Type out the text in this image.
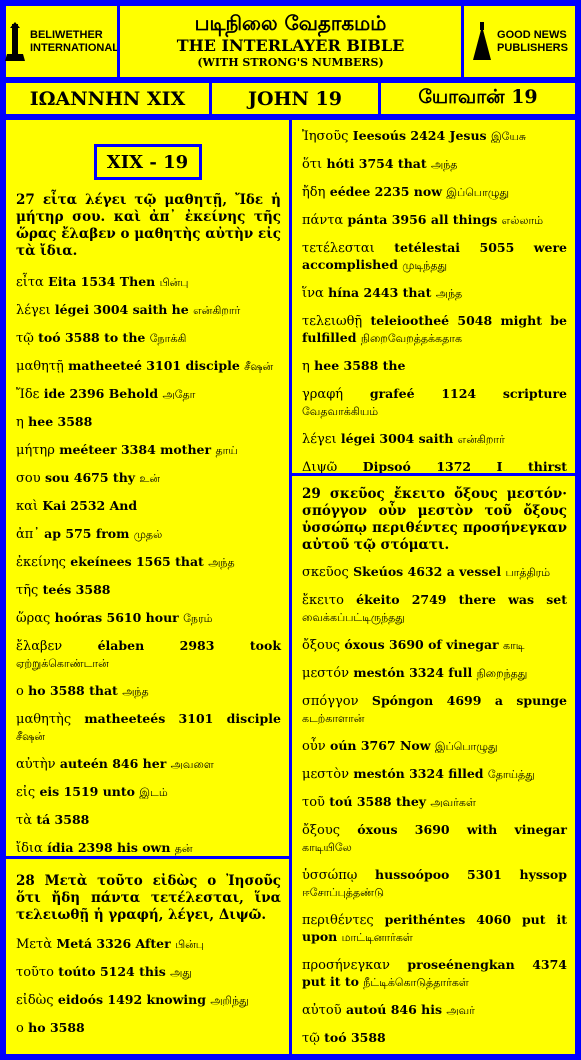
BELIWETHER
INTERNATIONAL
படிநிலை வேதாகமம்
THE INTERLAYER BIBLE
(WITH STRONG'S NUMBERS)
GOOD NEWS
PUBLISHERS
ΙΩΑΝΝΗΝ XIX	JOHN 19	யோவான் 19
XIX - 19
27 εἶτα λέγει τῷ μαθητῇ, Ἴδε ἡ μήτηρ σου. καὶ ἀπ᾽ ἐκείνης τῆς ὥρας ἔλαβεν ο μαθητὴς αὐτὴν εἰς τὰ ἴδια.
εἶτα Eita 1534 Then பின்பு
λέγει légei 3004 saith he என்கிறார்
τῷ toó 3588 to the நோக்கி
μαθητῇ matheeteé 3101 disciple சீஷன்
Ἴδε ide 2396 Behold அதோ
η hee 3588
μήτηρ meéteer 3384 mother தாய்
σου sou 4675 thy உன்
καὶ Kai 2532 And
ἀπ᾽ ap 575 from முதல்
ἐκείνης ekeínees 1565 that அந்த
τῆς teés 3588
ὥρας hoóras 5610 hour நேரம்
ἔλαβεν élaben 2983 took ஏற்றுக்கொண்டான்
ο ho 3588 that அந்த
μαθητὴς matheeteés 3101 disciple சீஷன்
αὐτὴν auteén 846 her அவளை
εἰς eis 1519 unto இடம்
τὰ tá 3588
ἴδια ídia 2398 his own தன்
28 Μετὰ τοῦτο εἰδὼς ο Ἰησοῦς ὅτι ἤδη πάντα τετέλεσται, ἵνα τελειωθῇ ἡ γραφή, λέγει, Διψῶ.
Μετὰ Metá 3326 After பின்பு
τοῦτο toúto 5124 this அது
εἰδὼς eidoós 1492 knowing அறிந்து
ο ho 3588
Ἰησοῦς Ieesoús 2424 Jesus இயேசு
ὅτι hóti 3754 that அந்த
ἤδη eédee 2235 now இப்பொழுது
πάντα pánta 3956 all things எல்லாம்
τετέλεσται tetélestai 5055 were accomplished முடிந்தது
ἵνα hína 2443 that அந்த
τελειωθῇ teleiootheé 5048 might be fulfilled நிறைவேறத்தக்கதாக
η hee 3588 the
γραφή grafeé 1124 scripture வேதவாக்கியம்
λέγει légei 3004 saith என்கிறார்
Διψῶ Dipsoó 1372 I thirst
29 σκεῦος ἔκειτο ὄξους μεστόν· σπόγγον οὖν μεστὸν τοῦ ὄξους ὑσσώπῳ περιθέντες προσήνεγκαν αὐτοῦ τῷ στόματι.
σκεῦος Skeúos 4632 a vessel பாத்திரம்
ἔκειτο ékeito 2749 there was set வைக்கப்பட்டிருந்தது
ὄξους óxous 3690 of vinegar காடி
μεστόν mestón 3324 full நிறைந்தது
σπόγγον Spóngon 4699 a spunge கடற்காளான்
οὖν oún 3767 Now இப்பொழுது
μεστὸν mestón 3324 filled தோய்த்து
τοῦ toú 3588 they அவர்கள்
ὄξους óxous 3690 with vinegar காடியிலே
ὑσσώπῳ hussoópoo 5301 hyssop ஈசோப்புத்தண்டு
περιθέντες perithéntes 4060 put it upon மாட்டினார்கள்
προσήνεγκαν proseénengkan 4374 put it to நீட்டிக்கொடுத்தார்கள்
αὐτοῦ autoú 846 his அவர்
τῷ toó 3588
